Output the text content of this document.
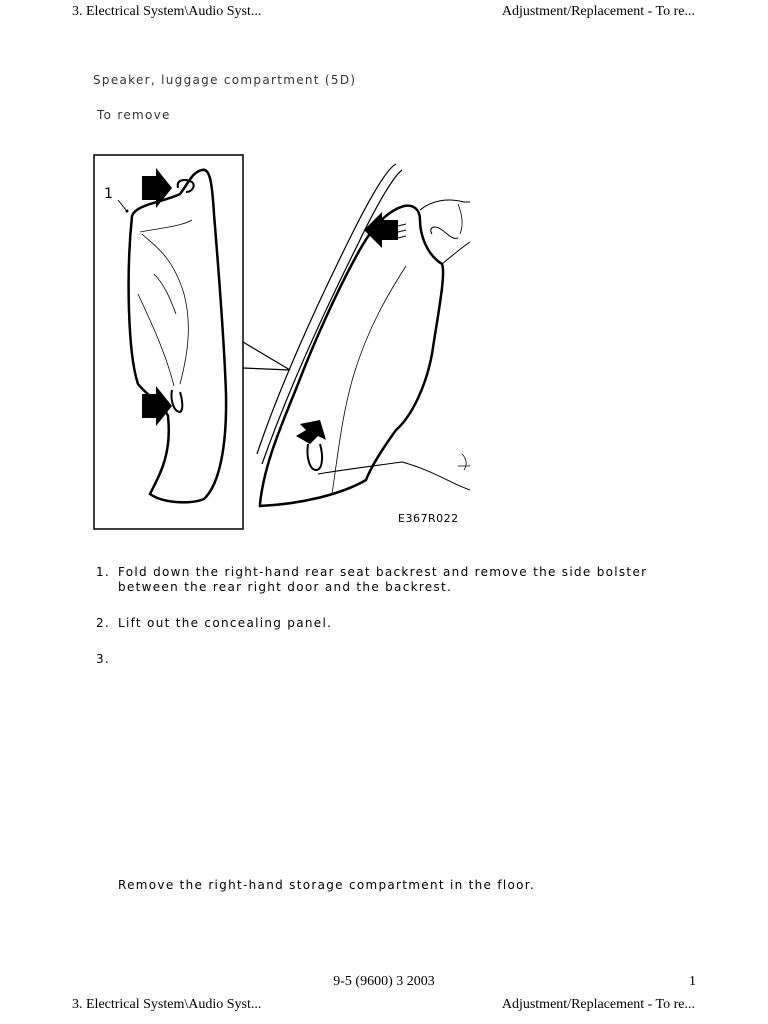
3. Electrical System\Audio Syst...	Adjustment/Replacement - To re...
Speaker, luggage compartment (5D)
To remove
1
E367R022
1. Fold down the right-hand rear seat backrest and remove the side bolster between the rear right door and the backrest.
2. Lift out the concealing panel.
3.
Remove the right-hand storage compartment in the floor.
9-5 (9600) 3 2003	1
3. Electrical System\Audio Syst...	Adjustment/Replacement - To re...
